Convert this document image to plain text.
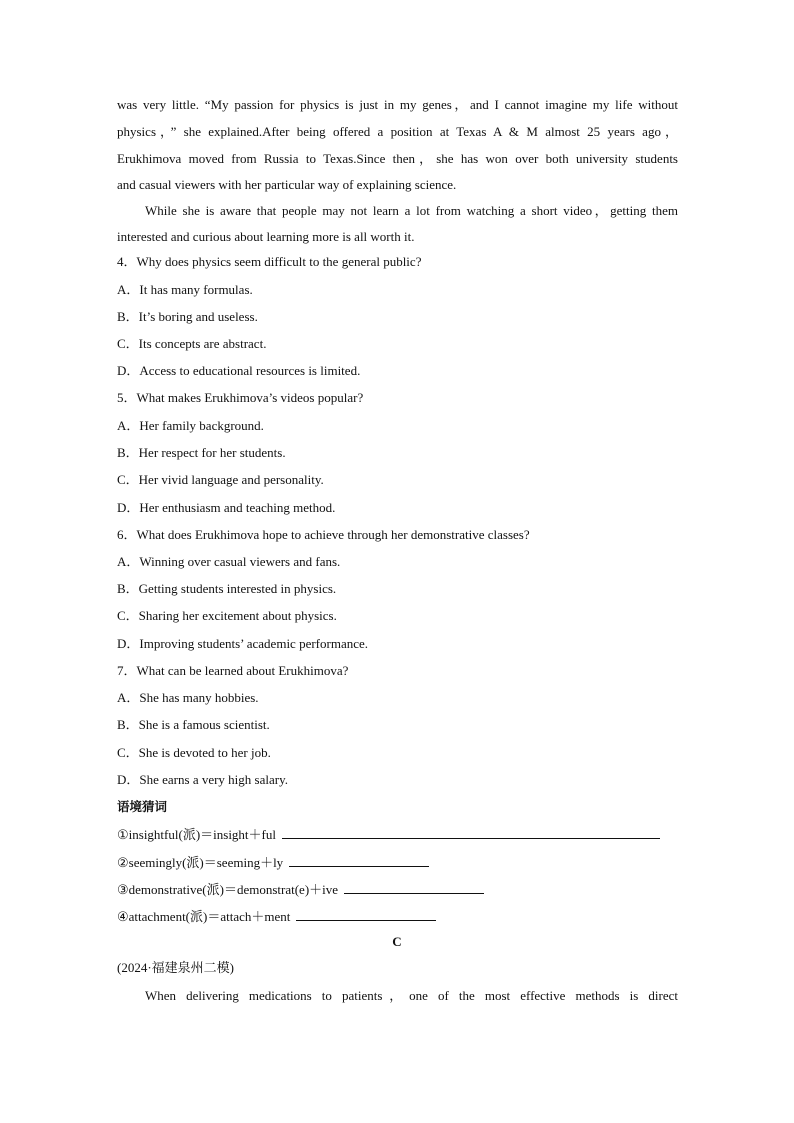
was very little. “My passion for physics is just in my genes，and I cannot imagine my life without
physics，” she explained.After being offered a position at Texas A & M almost 25 years ago，
Erukhimova moved from Russia to Texas.Since then，she has won over both university students
and casual viewers with her particular way of explaining science.
While she is aware that people may not learn a lot from watching a short video，getting them
interested and curious about learning more is all worth it.
4．Why does physics seem difficult to the general public?
A．It has many formulas.
B．It’s boring and useless.
C．Its concepts are abstract.
D．Access to educational resources is limited.
5．What makes Erukhimova’s videos popular?
A．Her family background.
B．Her respect for her students.
C．Her vivid language and personality.
D．Her enthusiasm and teaching method.
6．What does Erukhimova hope to achieve through her demonstrative classes?
A．Winning over casual viewers and fans.
B．Getting students interested in physics.
C．Sharing her excitement about physics.
D．Improving students’ academic performance.
7．What can be learned about Erukhimova?
A．She has many hobbies.
B．She is a famous scientist.
C．She is devoted to her job.
D．She earns a very high salary.
语境猜词
①insightful(派)＝insight＋ful
②seemingly(派)＝seeming＋ly
③demonstrative(派)＝demonstrat(e)＋ive
④attachment(派)＝attach＋ment
C
(2024·福建泉州二模)
When delivering medications to patients，one of the most effective methods is direct
